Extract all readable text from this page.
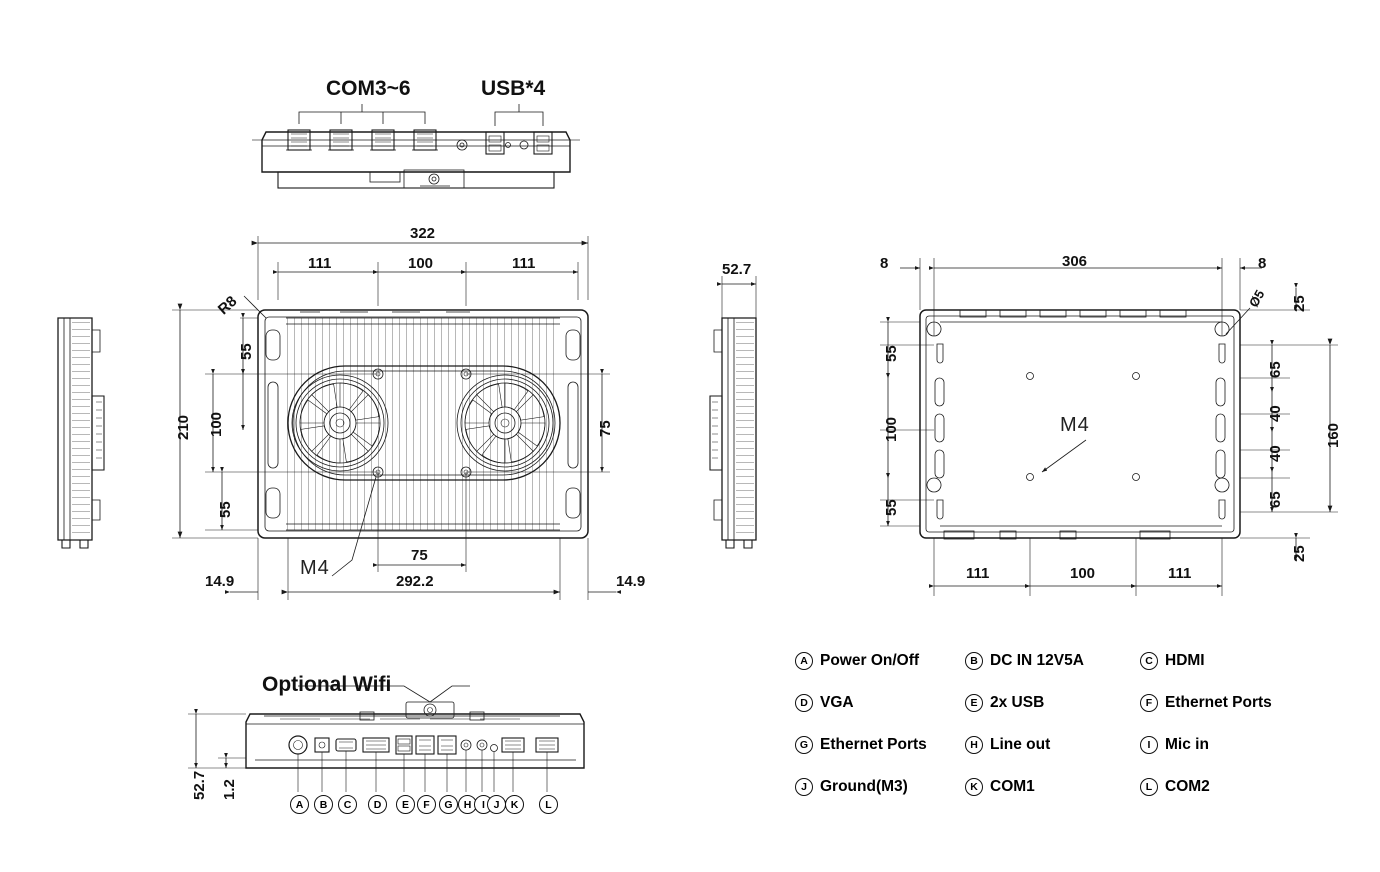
COM3~6	USB*4
322
111	100	111
210 100
55
55
75
75
292.2
14.9	14.9
M4
R8
52.7	8	306	8
25
65
40
40
65
160
25
55
100
55
111	100	111
M4
Ø5
Optional Wifi
52.7 1.2
A	B	C	D	E	F	G	H	I J	K	L
A Power On/Off	B DC IN 12V5A	C HDMI
D VGA	E 2x USB	F Ethernet Ports
G Ethernet Ports	H Line out	I Mic in
J Ground(M3)	K COM1	L COM2
